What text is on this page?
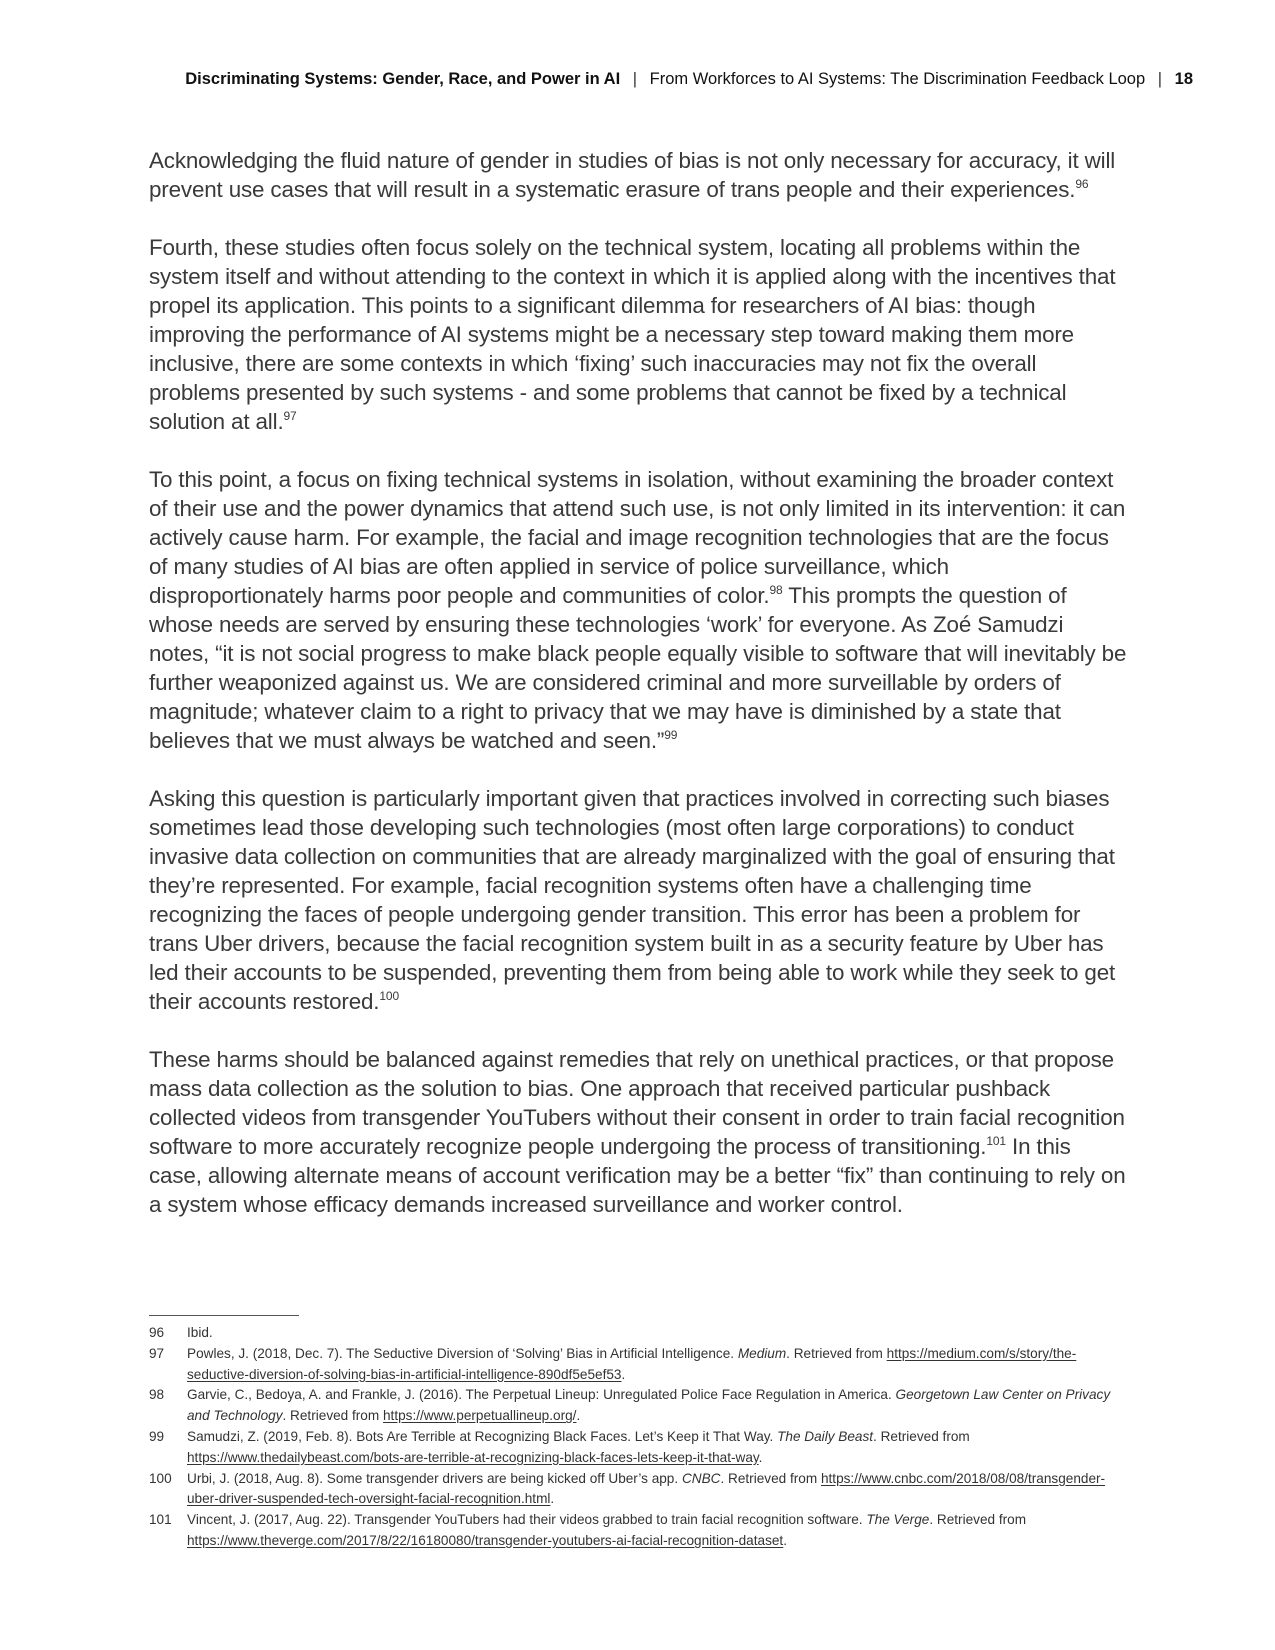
Discriminating Systems: Gender, Race, and Power in AI | From Workforces to AI Systems: The Discrimination Feedback Loop | 18

Acknowledging the fluid nature of gender in studies of bias is not only necessary for accuracy, it will prevent use cases that will result in a systematic erasure of trans people and their experiences.$^{96}$

Fourth, these studies often focus solely on the technical system, locating all problems within the system itself and without attending to the context in which it is applied along with the incentives that propel its application. This points to a significant dilemma for researchers of AI bias: though improving the performance of AI systems might be a necessary step toward making them more inclusive, there are some contexts in which ‘fixing’ such inaccuracies may not fix the overall problems presented by such systems - and some problems that cannot be fixed by a technical solution at all.$^{97}$

To this point, a focus on fixing technical systems in isolation, without examining the broader context of their use and the power dynamics that attend such use, is not only limited in its intervention: it can actively cause harm. For example, the facial and image recognition technologies that are the focus of many studies of AI bias are often applied in service of police surveillance, which disproportionately harms poor people and communities of color.$^{98}$ This prompts the question of whose needs are served by ensuring these technologies ‘work’ for everyone. As Zoé Samudzi notes, “it is not social progress to make black people equally visible to software that will inevitably be further weaponized against us. We are considered criminal and more surveillable by orders of magnitude; whatever claim to a right to privacy that we may have is diminished by a state that believes that we must always be watched and seen.”$^{99}$

Asking this question is particularly important given that practices involved in correcting such biases sometimes lead those developing such technologies (most often large corporations) to conduct invasive data collection on communities that are already marginalized with the goal of ensuring that they’re represented. For example, facial recognition systems often have a challenging time recognizing the faces of people undergoing gender transition. This error has been a problem for trans Uber drivers, because the facial recognition system built in as a security feature by Uber has led their accounts to be suspended, preventing them from being able to work while they seek to get their accounts restored.$^{100}$

These harms should be balanced against remedies that rely on unethical practices, or that propose mass data collection as the solution to bias. One approach that received particular pushback collected videos from transgender YouTubers without their consent in order to train facial recognition software to more accurately recognize people undergoing the process of transitioning.$^{101}$ In this case, allowing alternate means of account verification may be a better “fix” than continuing to rely on a system whose efficacy demands increased surveillance and worker control.

96	Ibid.
97	Powles, J. (2018, Dec. 7). The Seductive Diversion of ‘Solving’ Bias in Artificial Intelligence. Medium. Retrieved from https://medium.com/s/story/the-seductive-diversion-of-solving-bias-in-artificial-intelligence-890df5e5ef53.
98	Garvie, C., Bedoya, A. and Frankle, J. (2016). The Perpetual Lineup: Unregulated Police Face Regulation in America. Georgetown Law Center on Privacy and Technology. Retrieved from https://www.perpetuallineup.org/.
99	Samudzi, Z. (2019, Feb. 8). Bots Are Terrible at Recognizing Black Faces. Let’s Keep it That Way. The Daily Beast. Retrieved from https://www.thedailybeast.com/bots-are-terrible-at-recognizing-black-faces-lets-keep-it-that-way.
100	Urbi, J. (2018, Aug. 8). Some transgender drivers are being kicked off Uber’s app. CNBC. Retrieved from https://www.cnbc.com/2018/08/08/transgender-uber-driver-suspended-tech-oversight-facial-recognition.html.
101	Vincent, J. (2017, Aug. 22). Transgender YouTubers had their videos grabbed to train facial recognition software. The Verge. Retrieved from https://www.theverge.com/2017/8/22/16180080/transgender-youtubers-ai-facial-recognition-dataset.
